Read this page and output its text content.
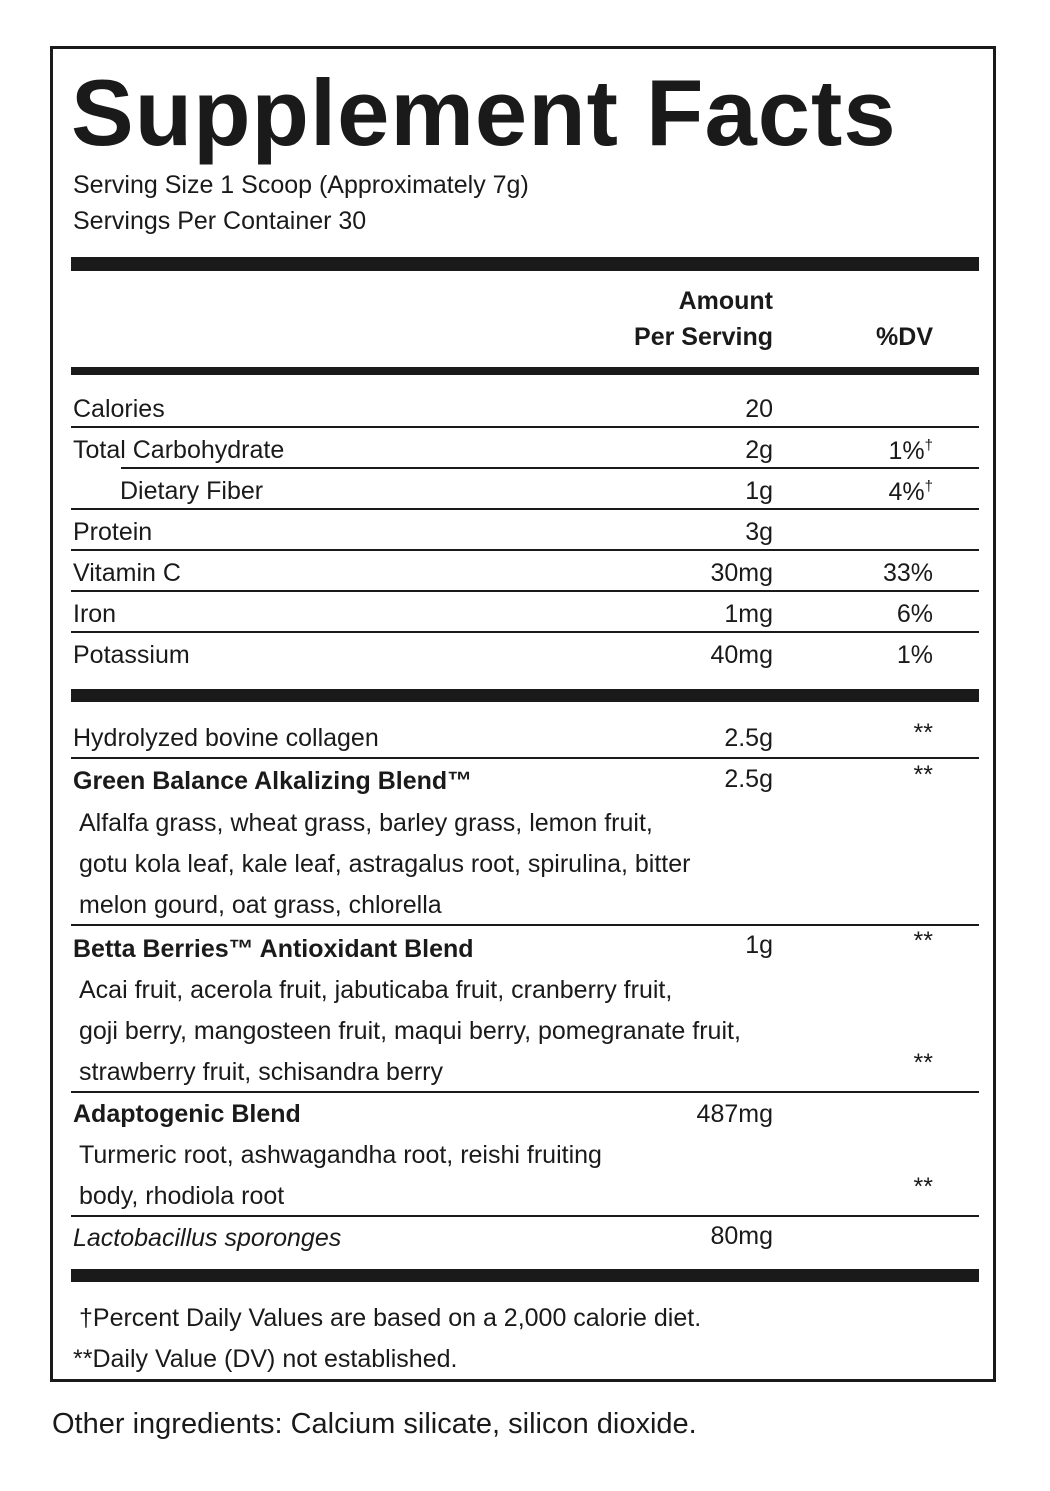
Supplement Facts
Serving Size 1 Scoop (Approximately 7g)
Servings Per Container 30
Amount
Per Serving	%DV
Calories	20
Total Carbohydrate	2g	1%†
Dietary Fiber	1g	4%†
Protein	3g
Vitamin C	30mg	33%
Iron	1mg	6%
Potassium	40mg	1%
Hydrolyzed bovine collagen	2.5g	**
Green Balance Alkalizing Blend™	2.5g	**
Alfalfa grass, wheat grass, barley grass, lemon fruit,
gotu kola leaf, kale leaf, astragalus root, spirulina, bitter
melon gourd, oat grass, chlorella
Betta Berries™ Antioxidant Blend	1g	**
Acai fruit, acerola fruit, jabuticaba fruit, cranberry fruit,
goji berry, mangosteen fruit, maqui berry, pomegranate fruit,
strawberry fruit, schisandra berry	**
Adaptogenic Blend	487mg
Turmeric root, ashwagandha root, reishi fruiting
body, rhodiola root	**
Lactobacillus sporonges	80mg
†Percent Daily Values are based on a 2,000 calorie diet.
**Daily Value (DV) not established.
Other ingredients: Calcium silicate, silicon dioxide.
